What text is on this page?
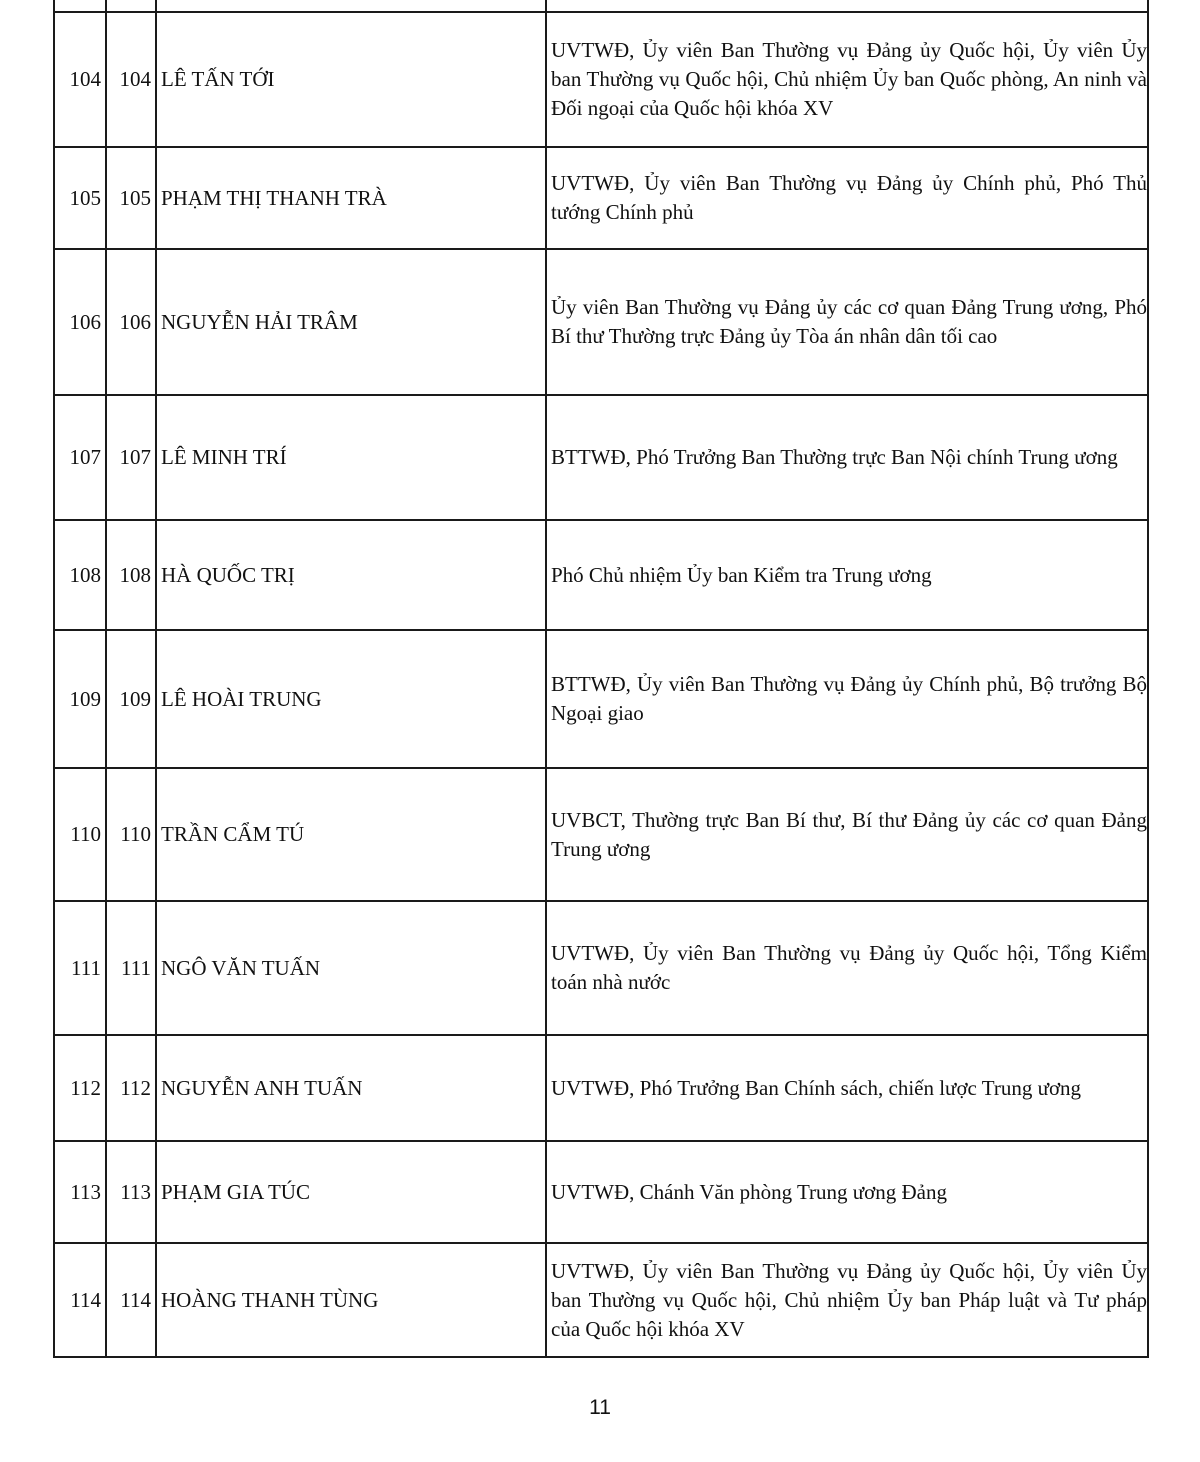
104	104	LÊ TẤN TỚI	UVTWĐ, Ủy viên Ban Thường vụ Đảng ủy Quốc hội, Ủy viên Ủy ban Thường vụ Quốc hội, Chủ nhiệm Ủy ban Quốc phòng, An ninh và Đối ngoại của Quốc hội khóa XV
105	105	PHẠM THỊ THANH TRÀ	UVTWĐ, Ủy viên Ban Thường vụ Đảng ủy Chính phủ, Phó Thủ tướng Chính phủ
106	106	NGUYỄN HẢI TRÂM	Ủy viên Ban Thường vụ Đảng ủy các cơ quan Đảng Trung ương, Phó Bí thư Thường trực Đảng ủy Tòa án nhân dân tối cao
107	107	LÊ MINH TRÍ	BTTWĐ, Phó Trưởng Ban Thường trực Ban Nội chính Trung ương
108	108	HÀ QUỐC TRỊ	Phó Chủ nhiệm Ủy ban Kiểm tra Trung ương
109	109	LÊ HOÀI TRUNG	BTTWĐ, Ủy viên Ban Thường vụ Đảng ủy Chính phủ, Bộ trưởng Bộ Ngoại giao
110	110	TRẦN CẨM TÚ	UVBCT, Thường trực Ban Bí thư, Bí thư Đảng ủy các cơ quan Đảng Trung ương
111	111	NGÔ VĂN TUẤN	UVTWĐ, Ủy viên Ban Thường vụ Đảng ủy Quốc hội, Tổng Kiểm toán nhà nước
112	112	NGUYỄN ANH TUẤN	UVTWĐ, Phó Trưởng Ban Chính sách, chiến lược Trung ương
113	113	PHẠM GIA TÚC	UVTWĐ, Chánh Văn phòng Trung ương Đảng
114	114	HOÀNG THANH TÙNG	UVTWĐ, Ủy viên Ban Thường vụ Đảng ủy Quốc hội, Ủy viên Ủy ban Thường vụ Quốc hội, Chủ nhiệm Ủy ban Pháp luật và Tư pháp của Quốc hội khóa XV
11
